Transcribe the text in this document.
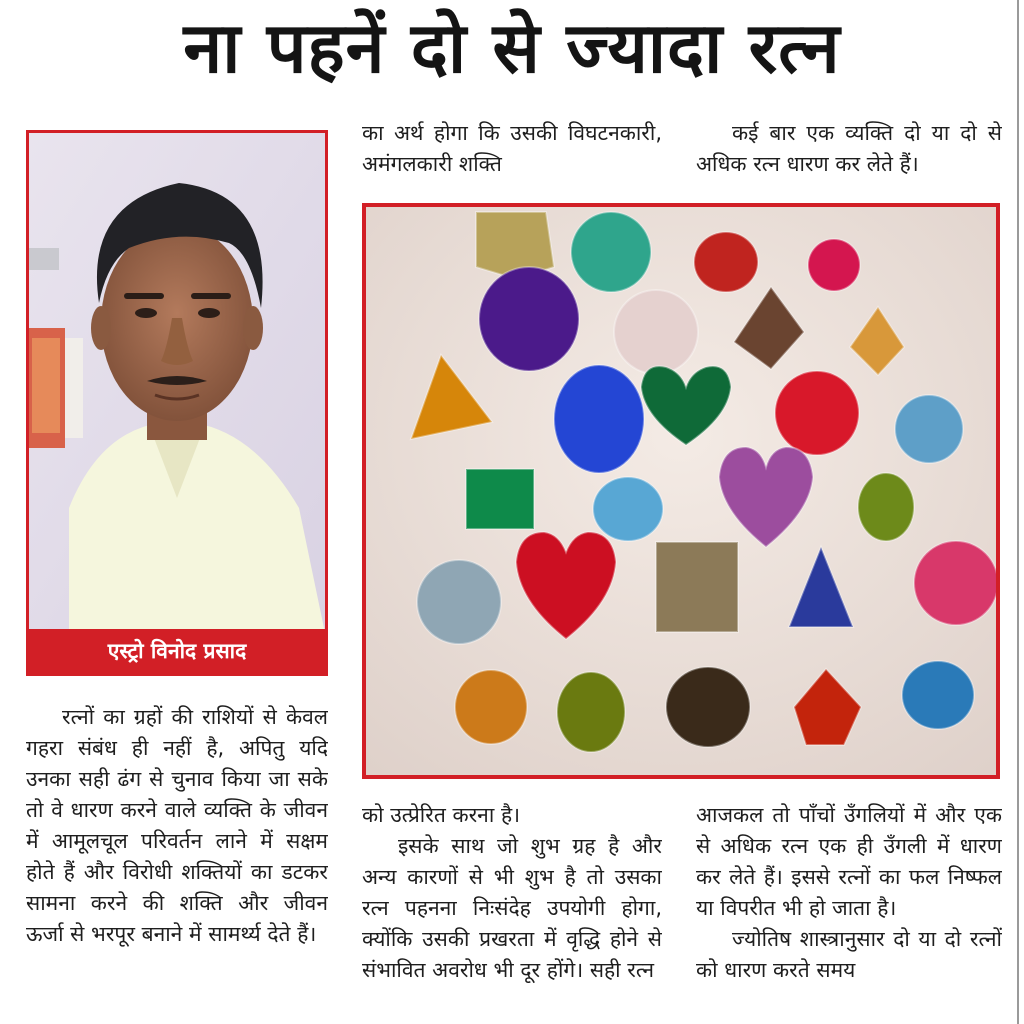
ना पहनें दो से ज्यादा रत्न
एस्ट्रो विनोद प्रसाद

का अर्थ होगा कि उसकी विघटनकारी, अमंगलकारी शक्ति

कई बार एक व्यक्ति दो या दो से अधिक रत्न धारण कर लेते हैं।

रत्नों का ग्रहों की राशियों से केवल गहरा संबंध ही नहीं है, अपितु यदि उनका सही ढंग से चुनाव किया जा सके तो वे धारण करने वाले व्यक्ति के जीवन में आमूलचूल परिवर्तन लाने में सक्षम होते हैं और विरोधी शक्तियों का डटकर सामना करने की शक्ति और जीवन ऊर्जा से भरपूर बनाने में सामर्थ्य देते हैं।

को उत्प्रेरित करना है।

इसके साथ जो शुभ ग्रह है और अन्य कारणों से भी शुभ है तो उसका रत्न पहनना निःसंदेह उपयोगी होगा, क्योंकि उसकी प्रखरता में वृद्धि होने से संभावित अवरोध भी दूर होंगे। सही रत्न

आजकल तो पाँचों उँगलियों में और एक से अधिक रत्न एक ही उँगली में धारण कर लेते हैं। इससे रत्नों का फल निष्फल या विपरीत भी हो जाता है।

ज्योतिष शास्त्रानुसार दो या दो रत्नों को धारण करते समय
